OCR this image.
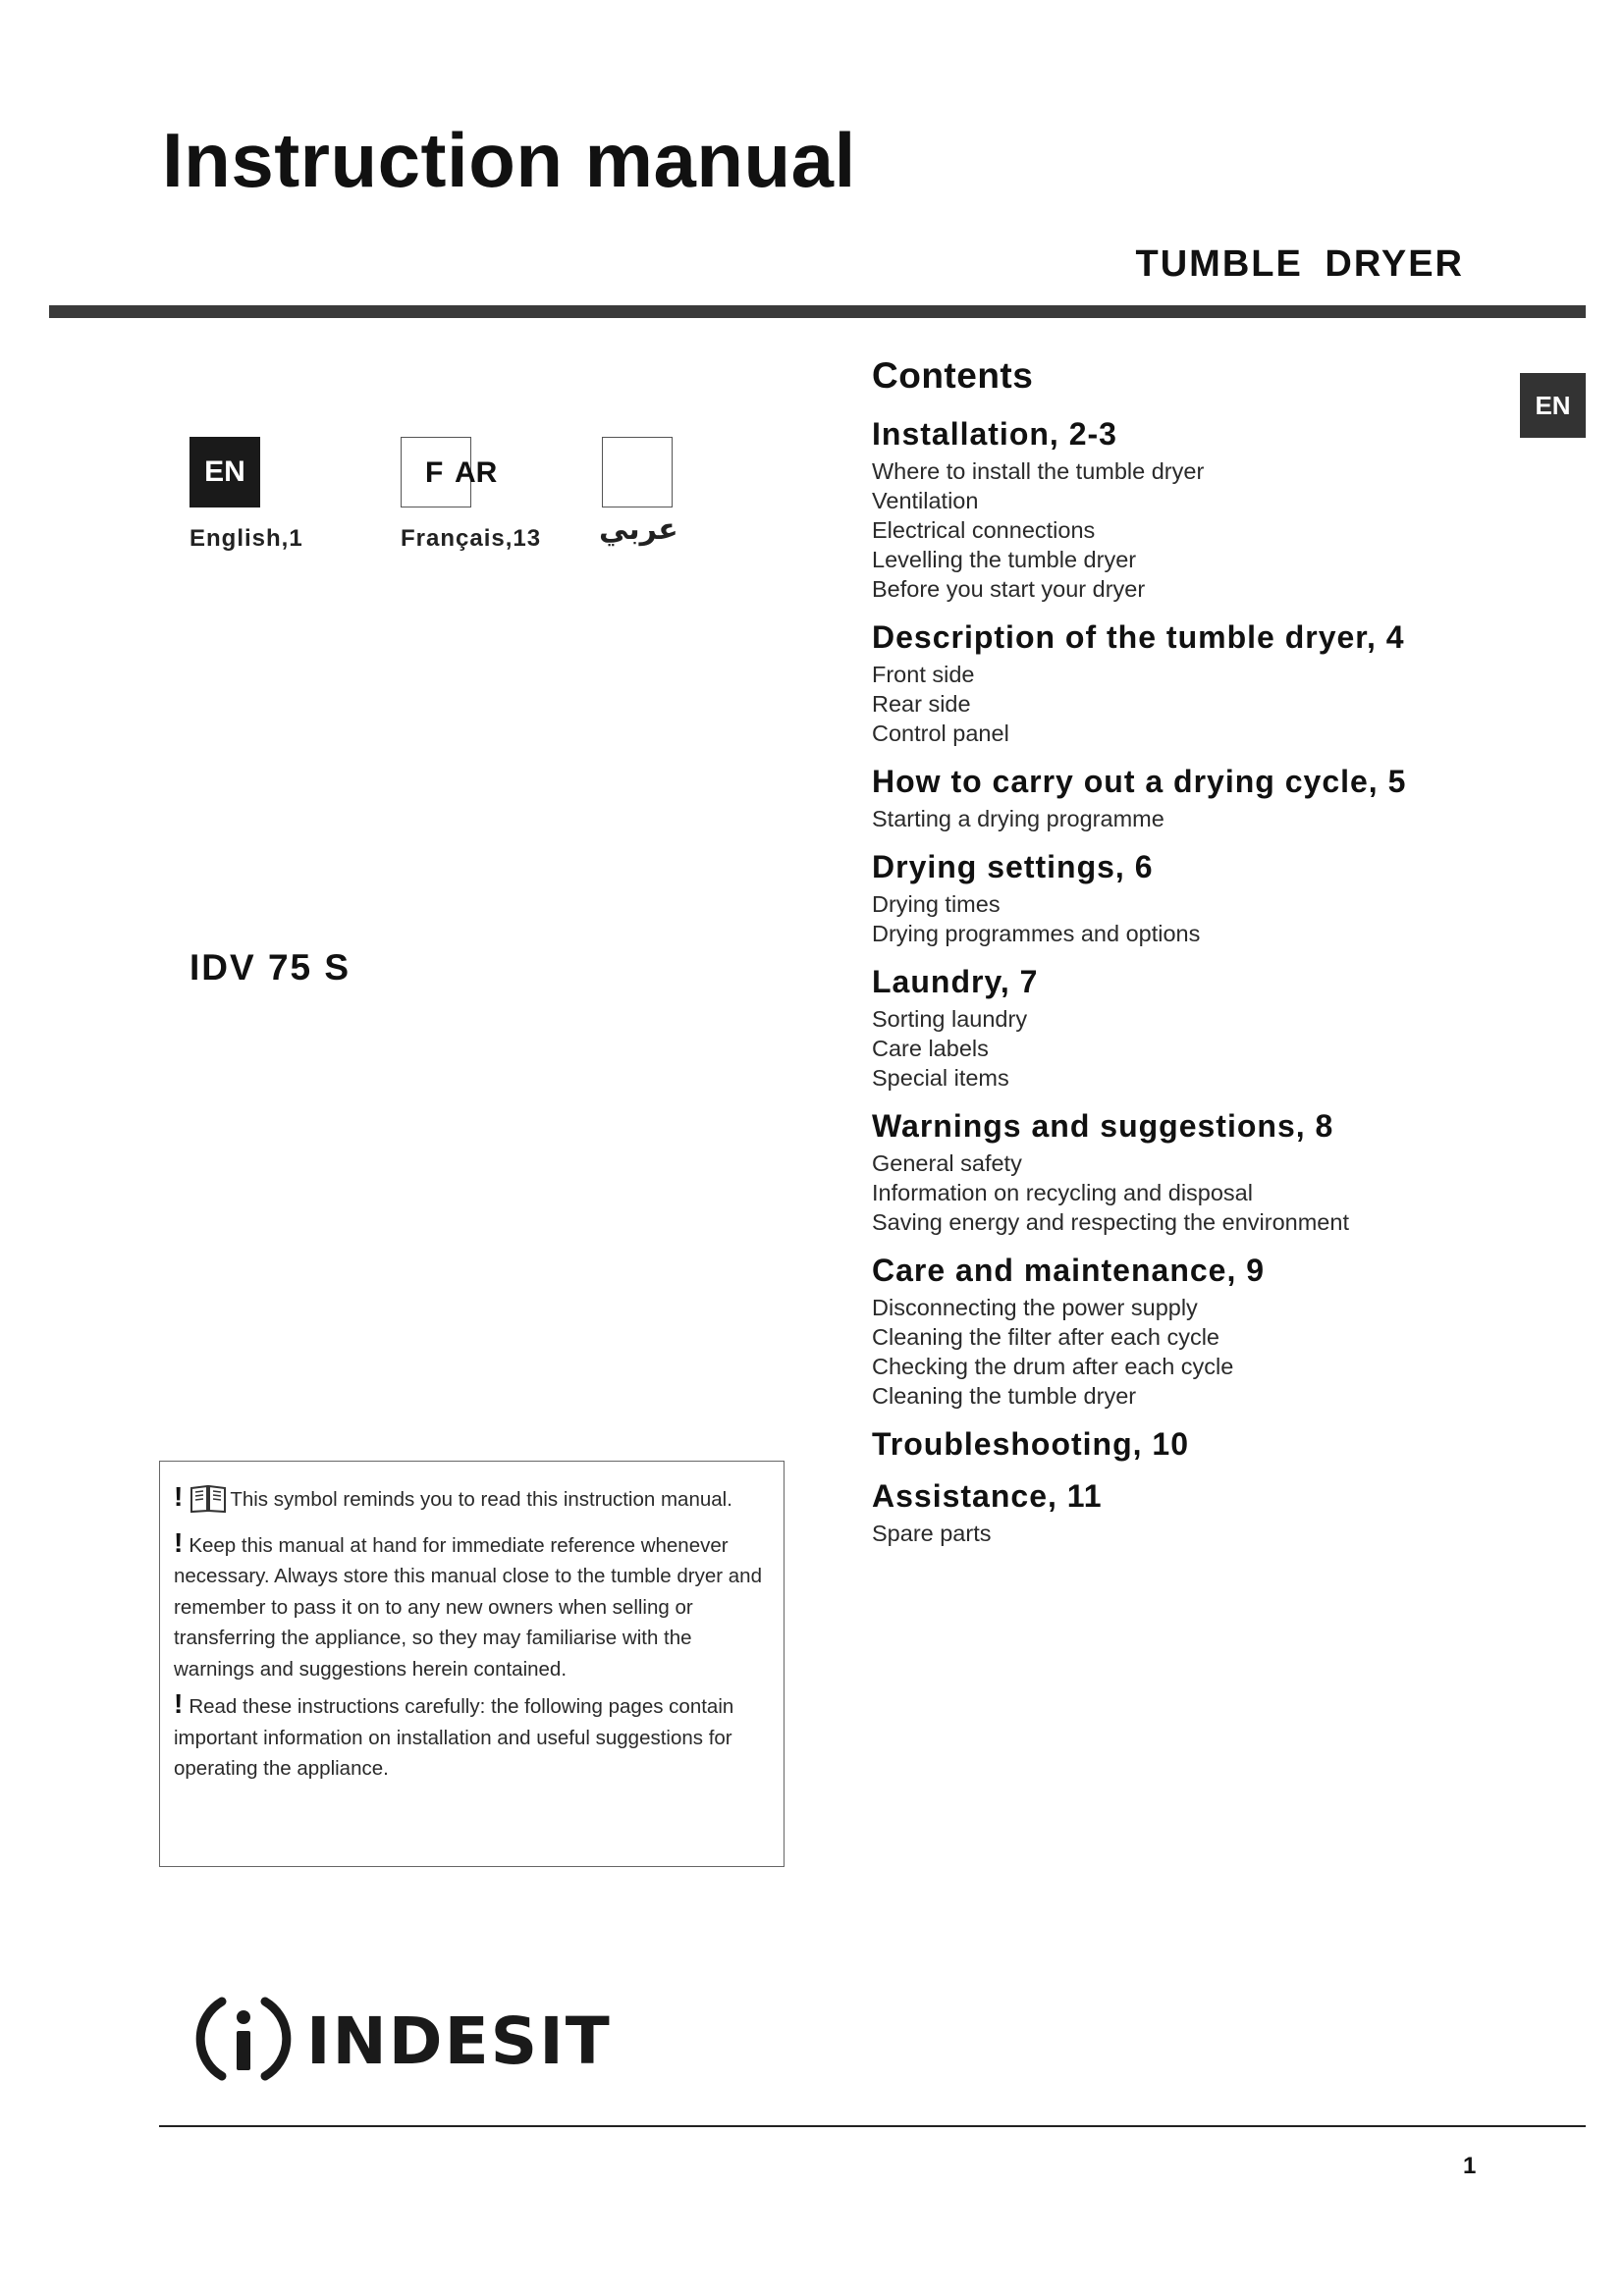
Instruction manual
TUMBLE DRYER
EN
EN
English,1
F AR
Français,13 عربي
IDV 75 S
Contents
Installation, 2-3
Where to install the tumble dryer
Ventilation
Electrical connections
Levelling the tumble dryer
Before you start your dryer
Description of the tumble dryer, 4
Front side
Rear side
Control panel
How to carry out a drying cycle, 5
Starting a drying programme
Drying settings, 6
Drying times
Drying programmes and options
Laundry, 7
Sorting laundry
Care labels
Special items
Warnings and suggestions, 8
General safety
Information on recycling and disposal
Saving energy and respecting the environment
Care and maintenance, 9
Disconnecting the power supply
Cleaning the filter after each cycle
Checking the drum after each cycle
Cleaning the tumble dryer
Troubleshooting, 10
Assistance, 11
Spare parts

! This symbol reminds you to read this instruction manual.

! Keep this manual at hand for immediate reference whenever necessary. Always store this manual close to the tumble dryer and remember to pass it on to any new owners when selling or transferring the appliance, so they may familiarise with the warnings and suggestions herein contained.

! Read these instructions carefully: the following pages contain important information on installation and useful suggestions for operating the appliance.

INDESIT
1
